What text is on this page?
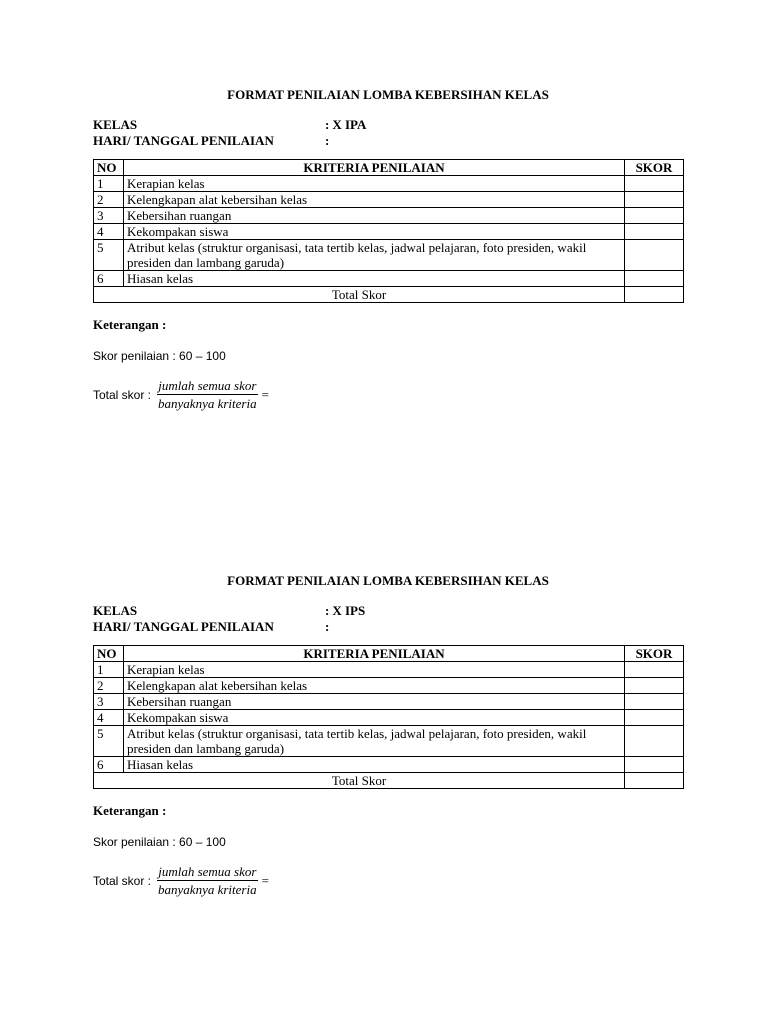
FORMAT PENILAIAN LOMBA KEBERSIHAN KELAS
KELAS	: X IPA
HARI/ TANGGAL PENILAIAN	:
NO	KRITERIA PENILAIAN	SKOR
1	Kerapian kelas	
2	Kelengkapan alat kebersihan kelas	
3	Kebersihan ruangan	
4	Kekompakan siswa	
5	Atribut kelas (struktur organisasi, tata tertib kelas, jadwal pelajaran, foto presiden, wakil presiden dan lambang garuda)	
6	Hiasan kelas	
Total Skor		
Keterangan :
Skor penilaian : 60 – 100
Total skor : $\frac{\text{jumlah semua skor}}{\text{banyaknya kriteria}}$ =
FORMAT PENILAIAN LOMBA KEBERSIHAN KELAS
KELAS	: X IPS
HARI/ TANGGAL PENILAIAN	:
NO	KRITERIA PENILAIAN	SKOR
1	Kerapian kelas	
2	Kelengkapan alat kebersihan kelas	
3	Kebersihan ruangan	
4	Kekompakan siswa	
5	Atribut kelas (struktur organisasi, tata tertib kelas, jadwal pelajaran, foto presiden, wakil presiden dan lambang garuda)	
6	Hiasan kelas	
Total Skor		
Keterangan :
Skor penilaian : 60 – 100
Total skor : $\frac{\text{jumlah semua skor}}{\text{banyaknya kriteria}}$ =
